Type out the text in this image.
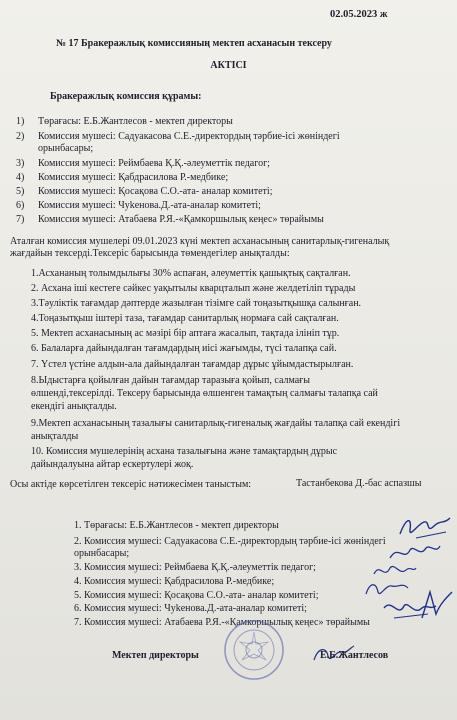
02.05.2023 ж
№ 17 Бракеражлық комиссияның мектеп асханасын тексеру
АКТІСІ
Бракеражлық комиссия құрамы:
1) Төрағасы: Е.Б.Жантлесов - мектеп директоры
2) Комиссия мушесі: Садуакасова С.Е.-директордың тәрбие-ісі жөніндегі
орынбасары;
3) Комиссия мушесі: Реймбаева Қ.Қ.-әлеуметтік педагог;
4) Комиссия мушесі: Қабдрасилова Р.-медбике;
5) Комиссия мушесі: Қосақова С.О.-ата- аналар комитеті;
6) Комиссия мушесі: Чуkенова.Д.-ата-аналар комитеті;
7) Комиссия мушесі: Атабаева Р.Я.-«Қамкоршылық кеңес» төрайымы
Аталған комиссия мушелері 09.01.2023 күні мектеп асханасының санитарлық-гигеналық
жағдайын тексерді.Тексеріс барысында төмендегілер анықталды:
1.Асхананың толымдылығы 30% аспаған, әлеуметтік қашықтық сақталған.
2. Асхана іші кестеге сәйкес уақытылы кварцталып және желдетіліп тұрады
3.Тәуліктік тағамдар дәптерде жазылған тізімге сай тоңазытқышқа салынған.
4.Тоңазытқыш іштері таза, тағамдар санитарлық нормаға сай сақталған.
5. Мектеп асханасының ас мәзірі бір аптаға жасалып, тақтада ілініп тұр.
6. Балаларға дайындалған тағамдардың иісі жағымды, түсі талапқа сай.
7. Үстел үстіне алдын-ала дайындалған тағамдар дұрыс ұйымдастырылған.
8.Ыдыстарға қойылған дайын тағамдар таразыға қойып, салмағы
өлшенді,тексерілді. Тексеру барысында өлшенген тамақтың салмағы талапқа сай
екендігі анықталды.
9.Мектеп асханасының тазалығы санитарлық-гигеналық жағдайы талапқа сай екендігі
анықталды
10. Комиссия мушелерінің асхана тазалығына және тамақтардың дұрыс
дайындалуына айтар ескертулері жоқ.
Осы актіде көрсетілген тексеріс нәтижесімен таныстым:	Тастанбекова Д.-бас аспазшы
1. Төрағасы: Е.Б.Жантлесов - мектеп директоры
2. Комиссия мушесі: Садуакасова С.Е.-директордың тәрбие-ісі жөніндегі
орынбасары;
3. Комиссия мушесі: Реймбаева Қ.Қ.-әлеуметтік педагог;
4. Комиссия мушесі: Қабдрасилова Р.-медбике;
5. Комиссия мушесі: Қосақова С.О.-ата- аналар комитеті;
6. Комиссия мушесі: Чуkенова.Д.-ата-аналар комитеті;
7. Комиссия мушесі: Атабаева Р.Я.-«Қамкоршылық кеңес» төрайымы
Мектеп директоры	Е.Б.Жантлесов
